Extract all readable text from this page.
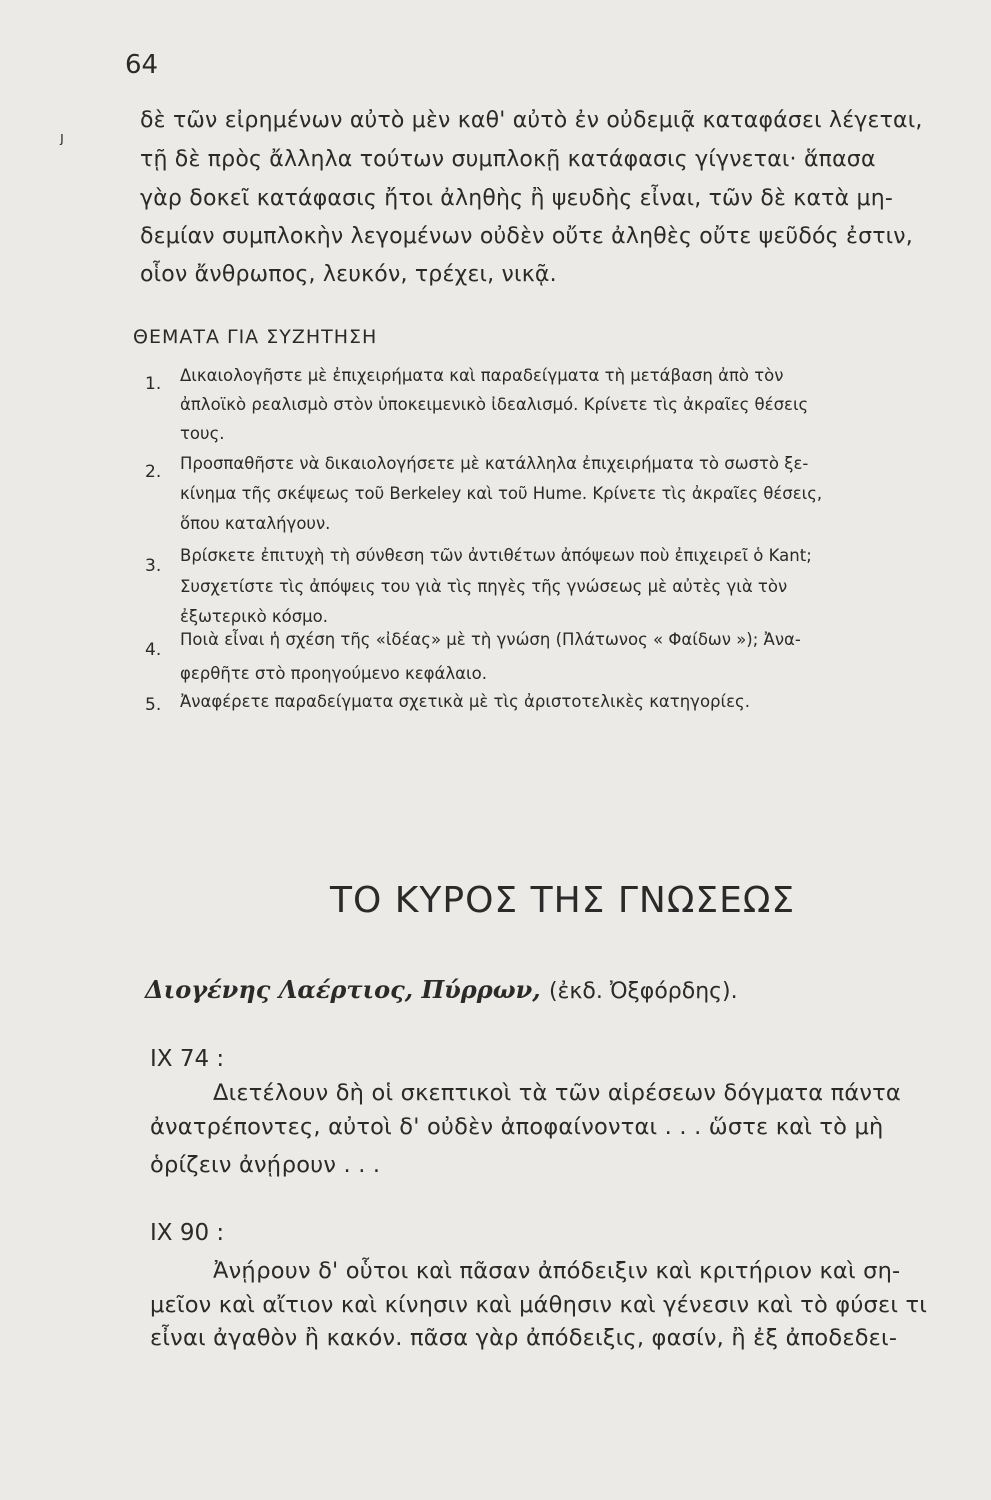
ȷ
64
δὲ τῶν εἰρημένων αὐτὸ μὲν καθ' αὐτὸ ἐν οὐδεμιᾷ καταφάσει λέγεται,
τῇ δὲ πρὸς ἄλληλα τούτων συμπλοκῇ κατάφασις γίγνεται· ἅπασα
γὰρ δοκεῖ κατάφασις ἤτοι ἀληθὴς ἢ ψευδὴς εἶναι, τῶν δὲ κατὰ μη-
δεμίαν συμπλοκὴν λεγομένων οὐδὲν οὔτε ἀληθὲς οὔτε ψεῦδός ἐστιν,
οἷον ἄνθρωπος, λευκόν, τρέχει, νικᾷ.
ΘΕΜΑΤΑ ΓΙΑ ΣΥΖΗΤΗΣΗ
1. Δικαιολογῆστε μὲ ἐπιχειρήματα καὶ παραδείγματα τὴ μετάβαση ἀπὸ τὸν
ἀπλοϊκὸ ρεαλισμὸ στὸν ὑποκειμενικὸ ἰδεαλισμό. Κρίνετε τὶς ἀκραῖες θέσεις
τους.
2. Προσπαθῆστε νὰ δικαιολογήσετε μὲ κατάλληλα ἐπιχειρήματα τὸ σωστὸ ξε-
κίνημα τῆς σκέψεως τοῦ Berkeley καὶ τοῦ Hume. Κρίνετε τὶς ἀκραῖες θέσεις,
ὅπου καταλήγουν.
3.
Βρίσκετε ἐπιτυχὴ τὴ σύνθεση τῶν ἀντιθέτων ἀπόψεων ποὺ ἐπιχειρεῖ ὁ Kant;
Συσχετίστε τὶς ἀπόψεις του γιὰ τὶς πηγὲς τῆς γνώσεως μὲ αὐτὲς γιὰ τὸν
ἐξωτερικὸ κόσμο.
4.
Ποιὰ εἶναι ἡ σχέση τῆς «ἰδέας» μὲ τὴ γνώση (Πλάτωνος « Φαίδων »); Ἀνα-
φερθῆτε στὸ προηγούμενο κεφάλαιο.
5. Ἀναφέρετε παραδείγματα σχετικὰ μὲ τὶς ἀριστοτελικὲς κατηγορίες.
ΤΟ ΚΥΡΟΣ ΤΗΣ ΓΝΩΣΕΩΣ
Διογένης Λαέρτιος, Πύρρων, (ἐκδ. Ὀξφόρδης).
IX 74 :
Διετέλουν δὴ οἱ σκεπτικοὶ τὰ τῶν αἱρέσεων δόγματα πάντα
ἀνατρέποντες, αὐτοὶ δ' οὐδὲν ἀποφαίνονται . . . ὥστε καὶ τὸ μὴ
ὁρίζειν ἀνῄρουν . . .
IX 90 :
Ἀνῄρουν δ' οὗτοι καὶ πᾶσαν ἀπόδειξιν καὶ κριτήριον καὶ ση-
μεῖον καὶ αἴτιον καὶ κίνησιν καὶ μάθησιν καὶ γένεσιν καὶ τὸ φύσει τι
εἶναι ἀγαθὸν ἢ κακόν. πᾶσα γὰρ ἀπόδειξις, φασίν, ἢ ἐξ ἀποδεδει-
